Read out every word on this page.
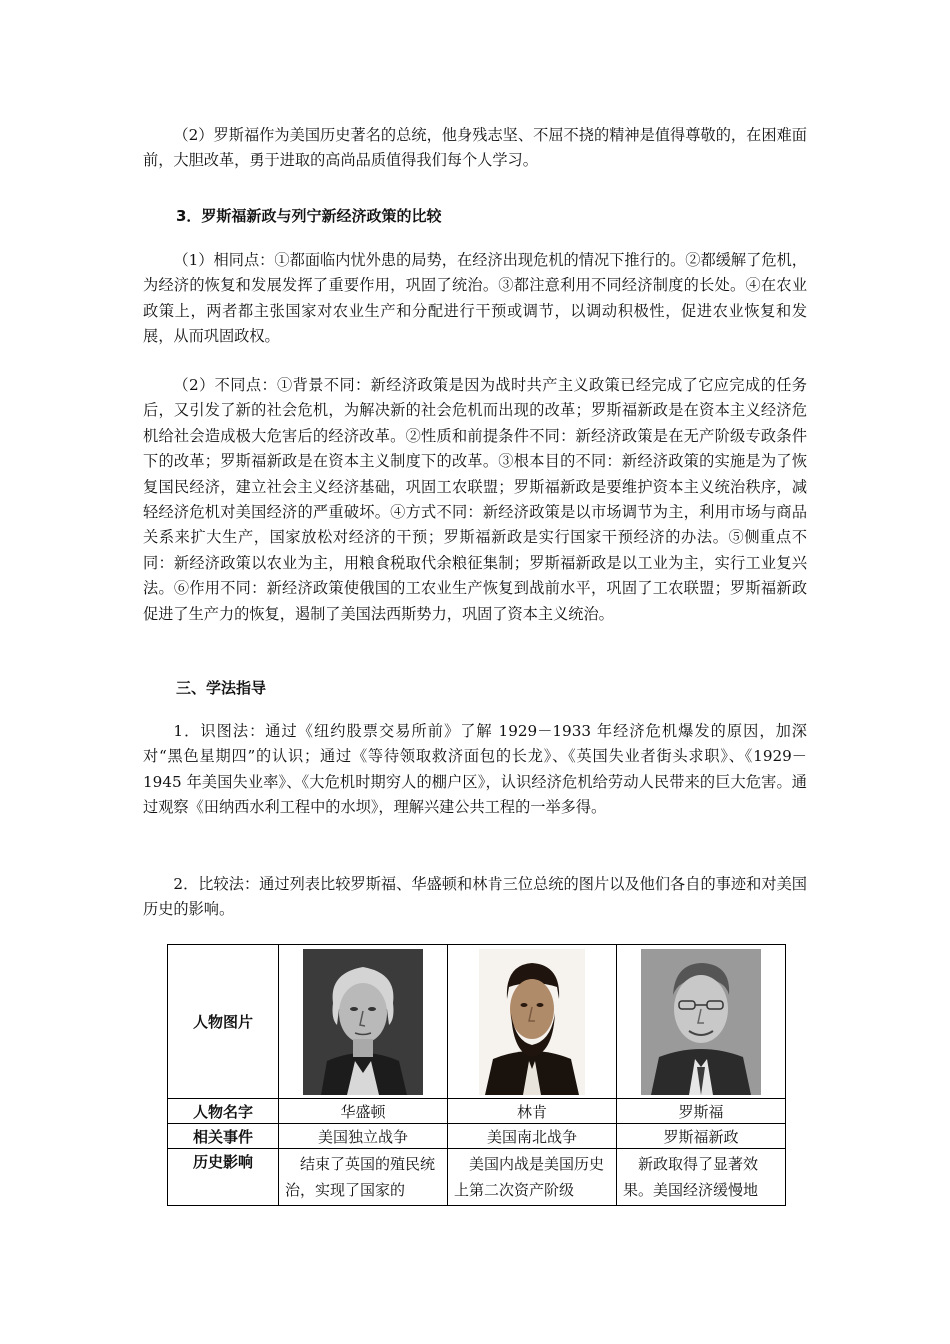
（2）罗斯福作为美国历史著名的总统，他身残志坚、不屈不挠的精神是值得尊敬的，在困难面前，大胆改革，勇于进取的高尚品质值得我们每个人学习。

3．罗斯福新政与列宁新经济政策的比较

（1）相同点：①都面临内忧外患的局势，在经济出现危机的情况下推行的。②都缓解了危机，为经济的恢复和发展发挥了重要作用，巩固了统治。③都注意利用不同经济制度的长处。④在农业政策上，两者都主张国家对农业生产和分配进行干预或调节，以调动积极性，促进农业恢复和发展，从而巩固政权。

（2）不同点：①背景不同：新经济政策是因为战时共产主义政策已经完成了它应完成的任务后，又引发了新的社会危机，为解决新的社会危机而出现的改革；罗斯福新政是在资本主义经济危机给社会造成极大危害后的经济改革。②性质和前提条件不同：新经济政策是在无产阶级专政条件下的改革；罗斯福新政是在资本主义制度下的改革。③根本目的不同：新经济政策的实施是为了恢复国民经济，建立社会主义经济基础，巩固工农联盟；罗斯福新政是要维护资本主义统治秩序，减轻经济危机对美国经济的严重破坏。④方式不同：新经济政策是以市场调节为主，利用市场与商品关系来扩大生产，国家放松对经济的干预；罗斯福新政是实行国家干预经济的办法。⑤侧重点不同：新经济政策以农业为主，用粮食税取代余粮征集制；罗斯福新政是以工业为主，实行工业复兴法。⑥作用不同：新经济政策使俄国的工农业生产恢复到战前水平，巩固了工农联盟；罗斯福新政促进了生产力的恢复，遏制了美国法西斯势力，巩固了资本主义统治。

三、学法指导

1．识图法：通过《纽约股票交易所前》了解 1929－1933 年经济危机爆发的原因，加深对“黑色星期四”的认识；通过《等待领取救济面包的长龙》、《英国失业者街头求职》、《1929－1945 年美国失业率》、《大危机时期穷人的棚户区》，认识经济危机给劳动人民带来的巨大危害。通过观察《田纳西水利工程中的水坝》，理解兴建公共工程的一举多得。

2．比较法：通过列表比较罗斯福、华盛顿和林肯三位总统的图片以及他们各自的事迹和对美国历史的影响。

人物图片	

人物名字	华盛顿	林肯	罗斯福
相关事件	美国独立战争	美国南北战争	罗斯福新政
历史影响	结束了英国的殖民统治，实现了国家的	美国内战是美国历史上第二次资产阶级	新政取得了显著效果。美国经济缓慢地
